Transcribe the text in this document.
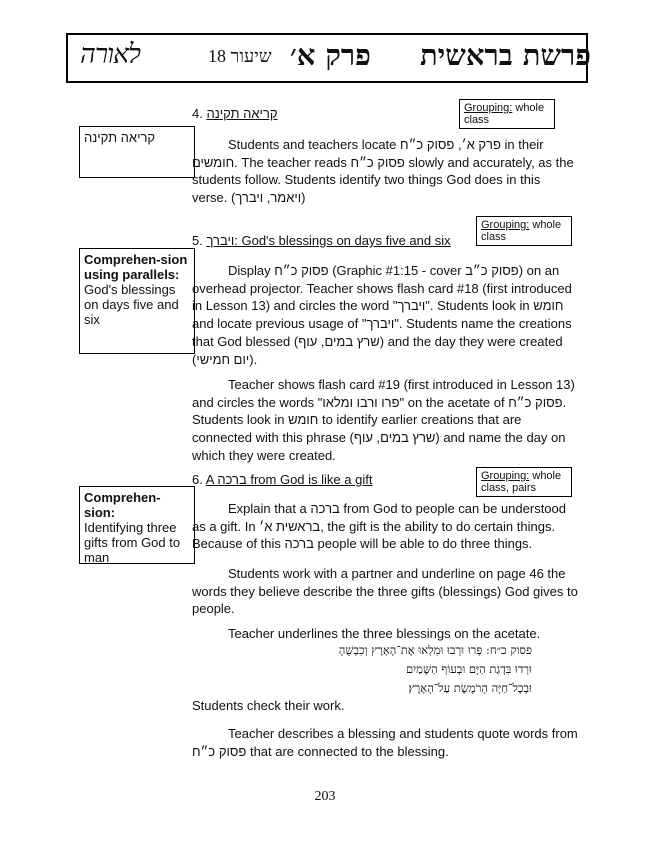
לאורה	18 שיעור פרק א׳ פרשת בראשית
קריאה תקינה
Comprehen-sion using parallels:
God's blessings on days five and six
Comprehen-sion:
Identifying three gifts from God to man
Grouping: whole class
Grouping: whole class
Grouping: whole class, pairs
4. קריאה תקינה
Students and teachers locate פרק א׳, פסוק כ״ח in their חומשים. The teacher reads פסוק כ״ח slowly and accurately, as the students follow. Students identify two things God does in this verse. (ויאמר, ויברך)
5. ויברך: God's blessings on days five and six
Display פסוק כ״ח (Graphic #1:15 - cover פסוק כ״ב) on an overhead projector. Teacher shows flash card #18 (first introduced in Lesson 13) and circles the word "ויברך". Students look in חומש and locate previous usage of "ויברך". Students name the creations that God blessed (שרץ במים, עוף) and the day they were created (יום חמישי).
Teacher shows flash card #19 (first introduced in Lesson 13) and circles the words "פרו ורבו ומלאו" on the acetate of פסוק כ״ח. Students look in חומש to identify earlier creations that are connected with this phrase (שרץ במים, עוף) and name the day on which they were created.
6. A ברכה from God is like a gift
Explain that a ברכה from God to people can be understood as a gift. In בראשית א׳, the gift is the ability to do certain things. Because of this ברכה people will be able to do three things.
Students work with a partner and underline on page 46 the words they believe describe the three gifts (blessings) God gives to people.
Teacher underlines the three blessings on the acetate.
פסוק כ״ח: פְּרוּ וּרְבוּ וּמִלְאוּ אֶת־הָאָרֶץ וְכִבְשֻׁהָ
וּרְדוּ בִּדְגַת הַיָּם וּבְעוֹף הַשָּׁמַיִם
וּבְכָל־חַיָּה הָרֹמֶשֶׂת עַל־הָאָרֶץ׃
Students check their work.
Teacher describes a blessing and students quote words from פסוק כ״ח that are connected to the blessing.
203
